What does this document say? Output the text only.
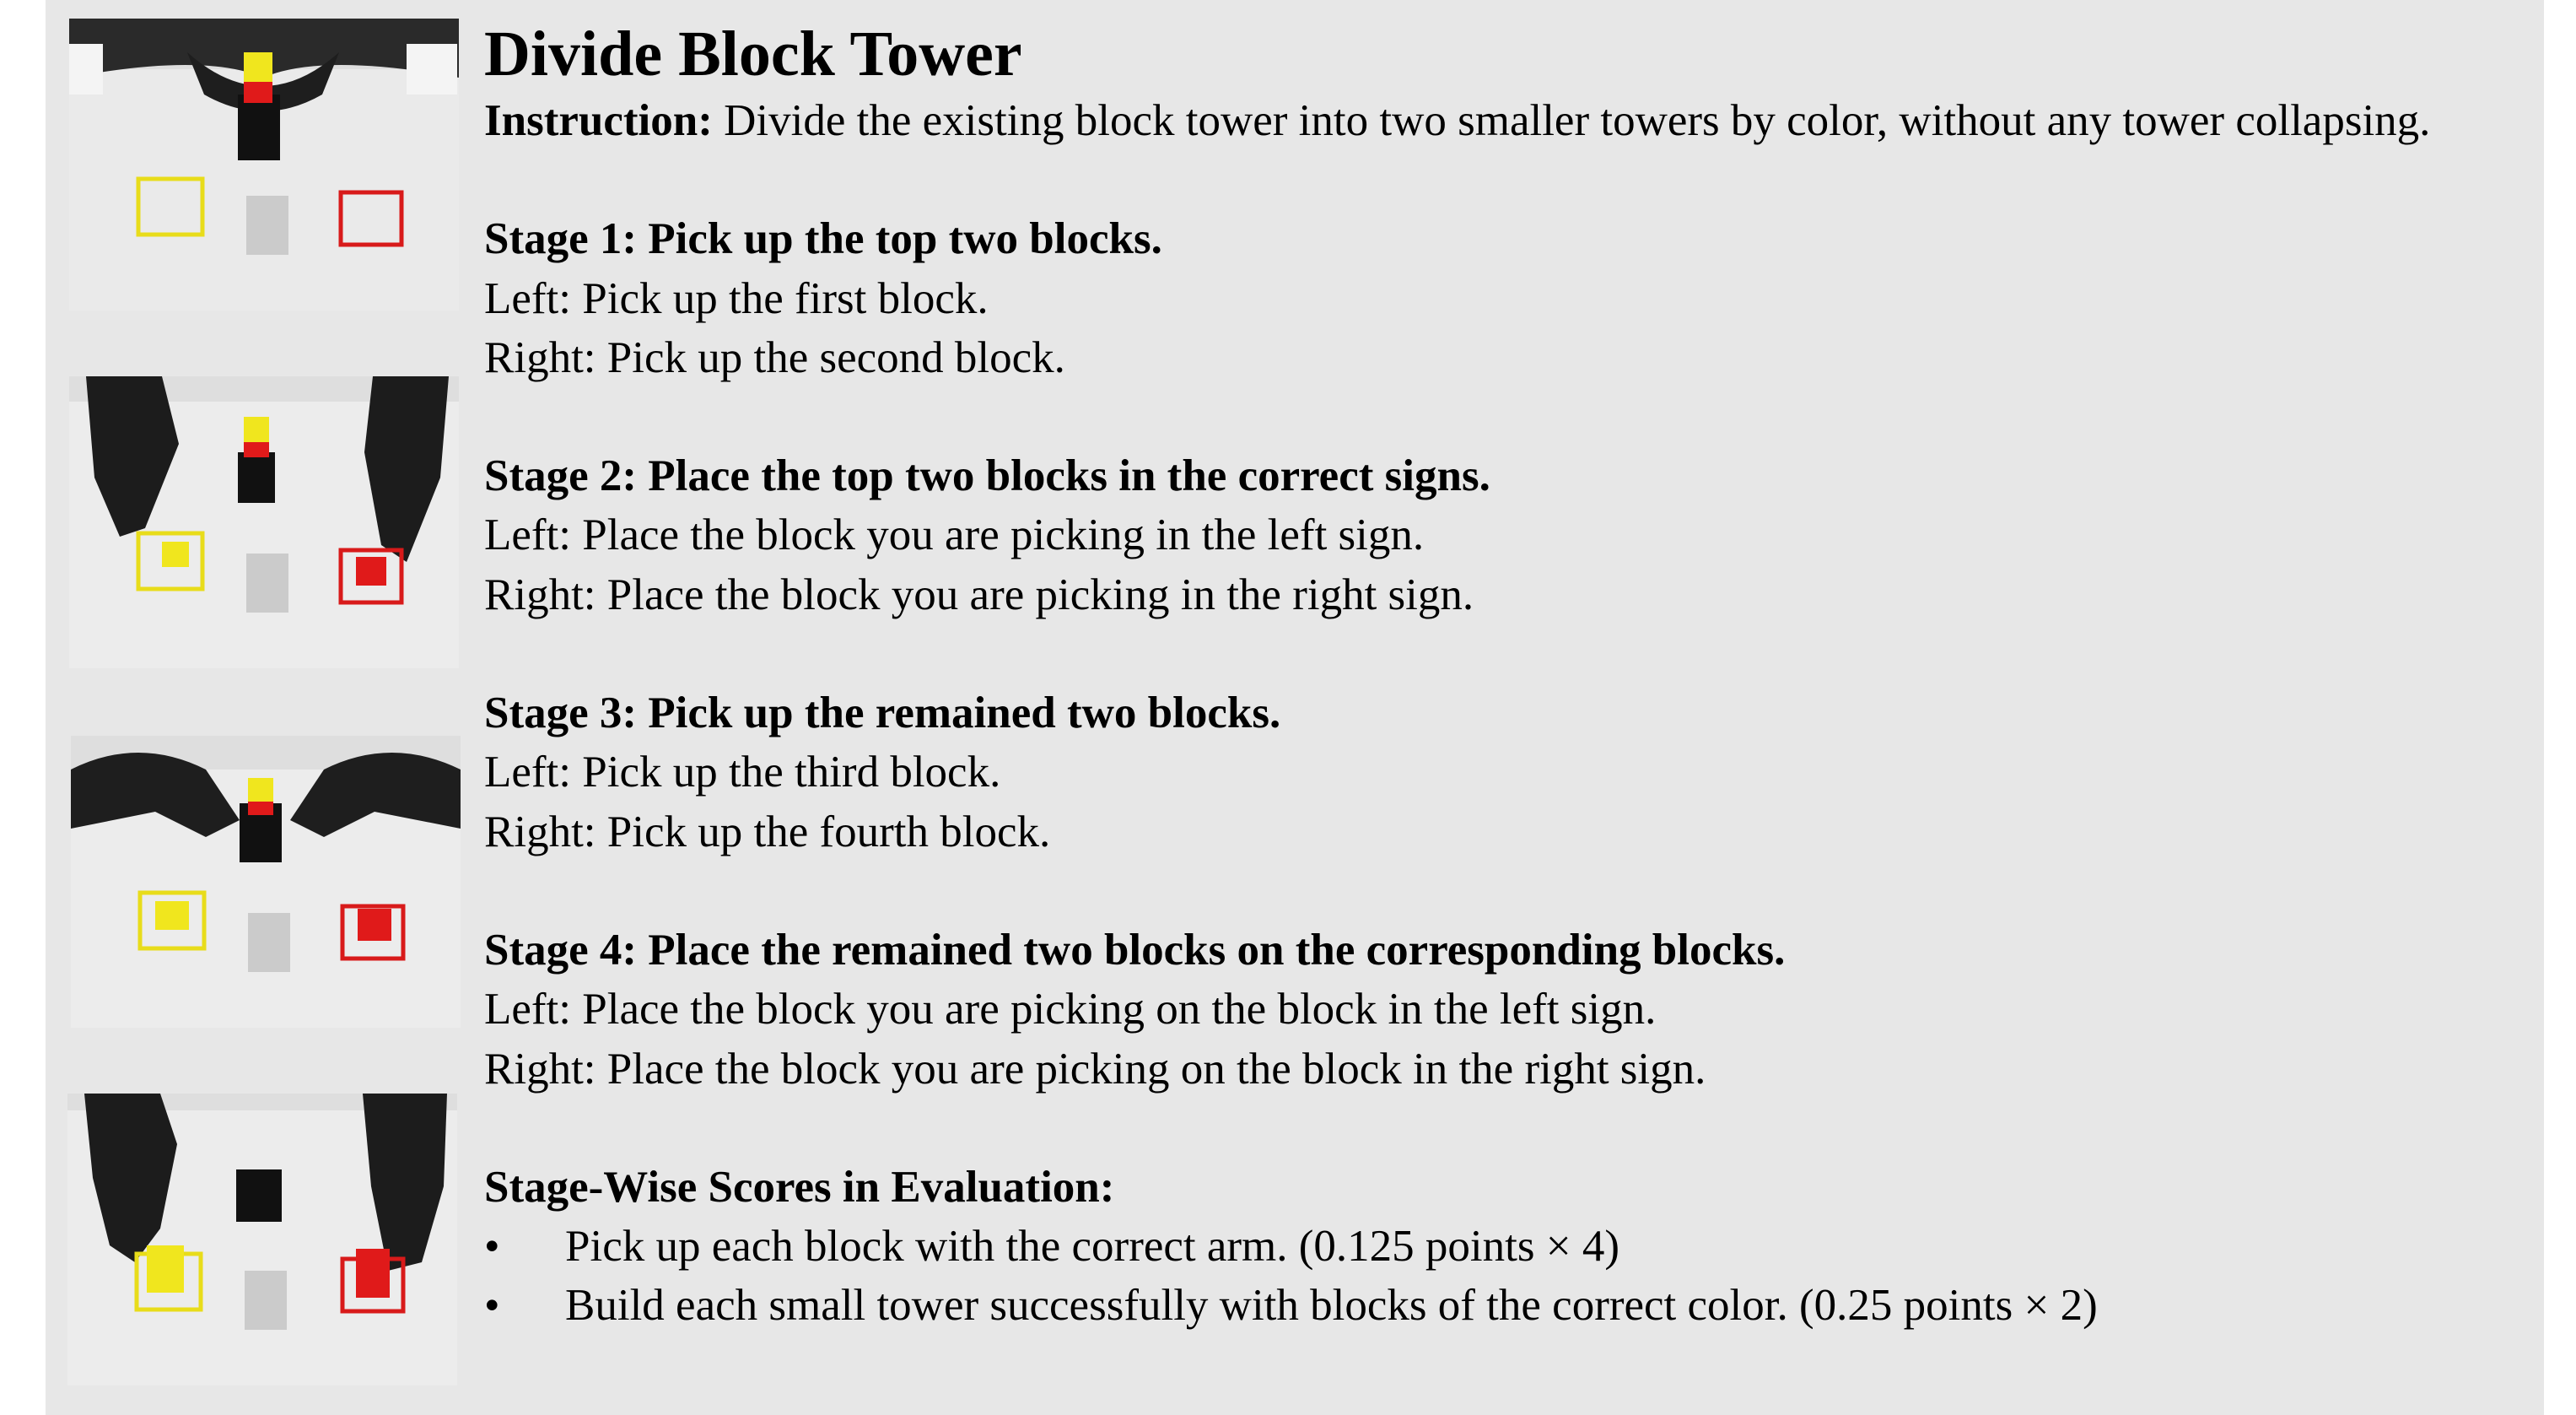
Divide Block Tower
Instruction: Divide the existing block tower into two smaller towers by color, without any tower collapsing.
Stage 1: Pick up the top two blocks.
Left: Pick up the first block.
Right: Pick up the second block.
Stage 2: Place the top two blocks in the correct signs.
Left: Place the block you are picking in the left sign.
Right: Place the block you are picking in the right sign.
Stage 3: Pick up the remained two blocks.
Left: Pick up the third block.
Right: Pick up the fourth block.
Stage 4: Place the remained two blocks on the corresponding blocks.
Left: Place the block you are picking on the block in the left sign.
Right: Place the block you are picking on the block in the right sign.
Stage-Wise Scores in Evaluation:
•	Pick up each block with the correct arm. (0.125 points × 4)
•	Build each small tower successfully with blocks of the correct color. (0.25 points × 2)
